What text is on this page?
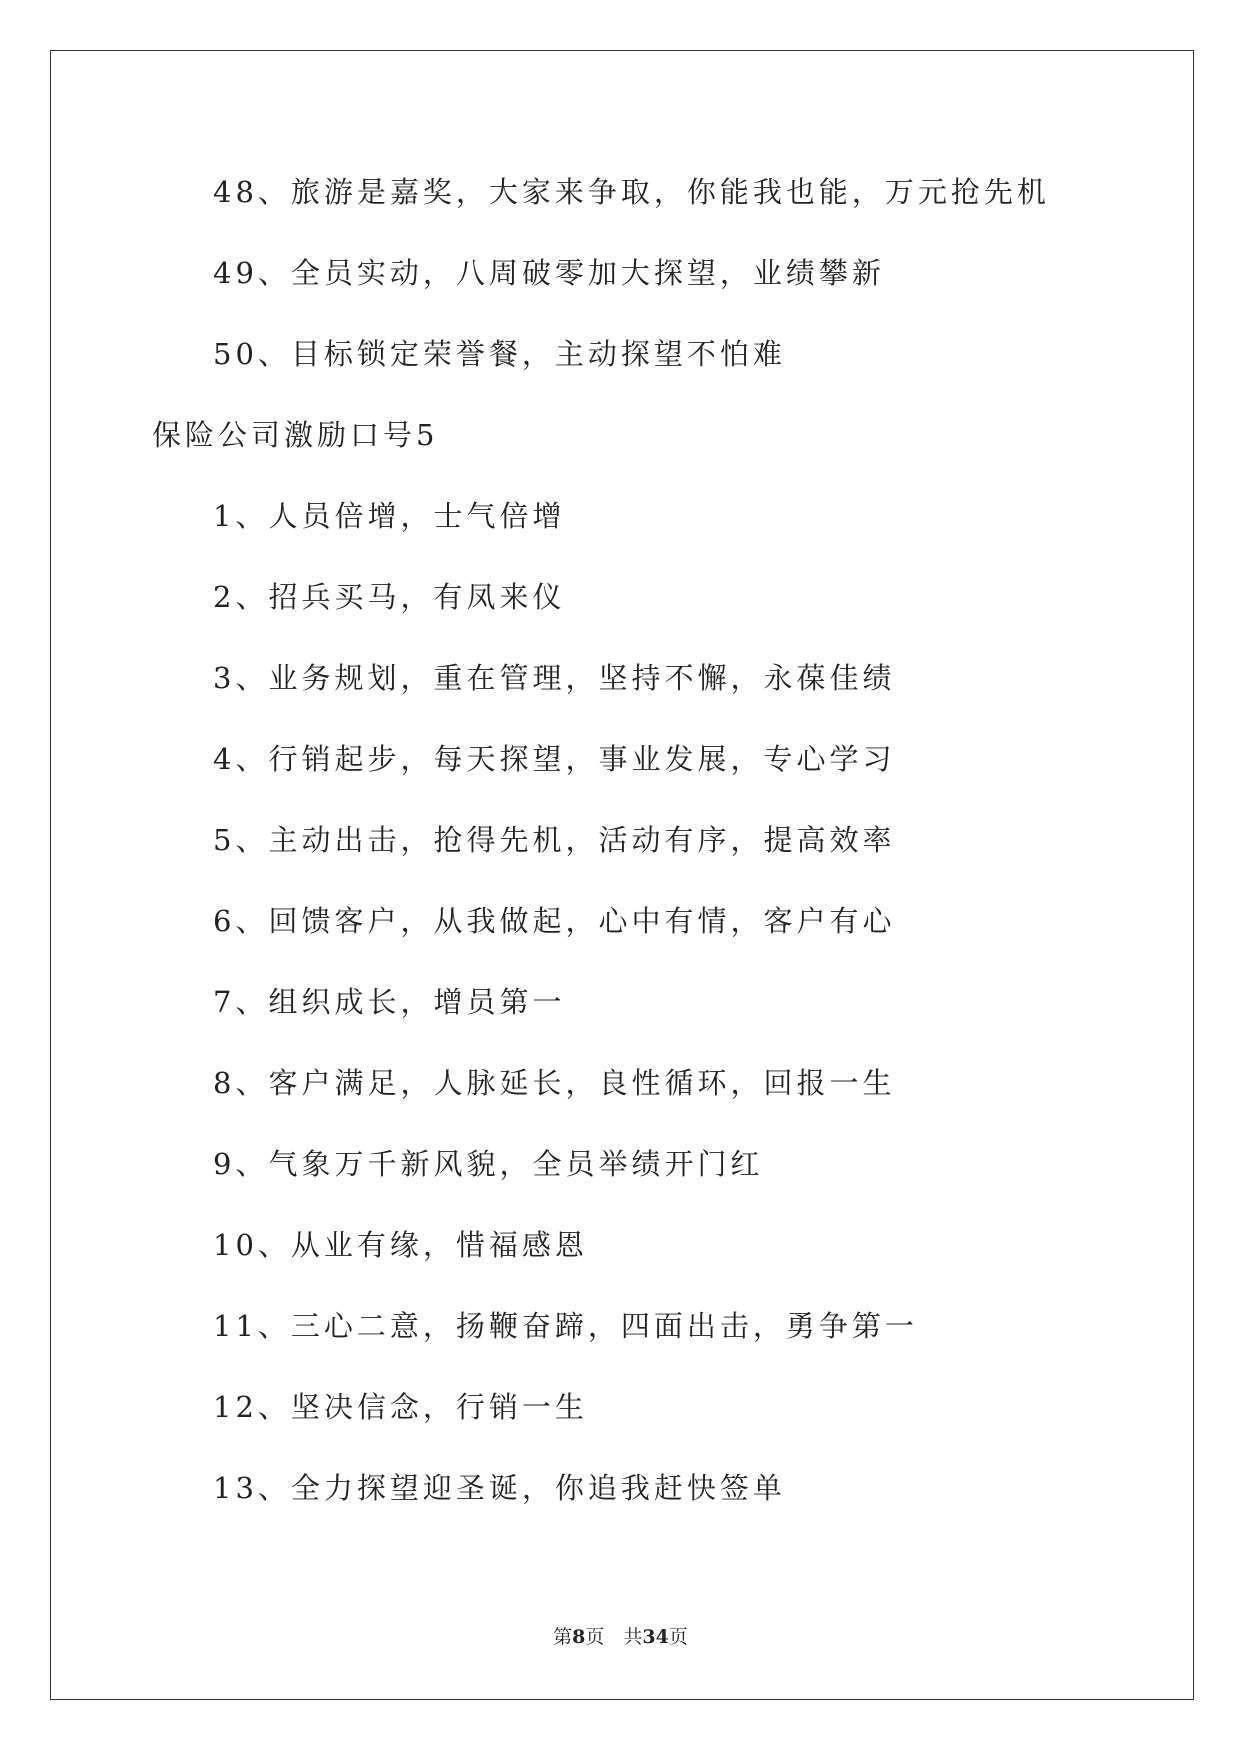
48、旅游是嘉奖，大家来争取，你能我也能，万元抢先机
49、全员实动，八周破零加大探望，业绩攀新
50、目标锁定荣誉餐，主动探望不怕难
保险公司激励口号5
1、人员倍增，士气倍增
2、招兵买马，有凤来仪
3、业务规划，重在管理，坚持不懈，永葆佳绩
4、行销起步，每天探望，事业发展，专心学习
5、主动出击，抢得先机，活动有序，提高效率
6、回馈客户，从我做起，心中有情，客户有心
7、组织成长，增员第一
8、客户满足，人脉延长，良性循环，回报一生
9、气象万千新风貌，全员举绩开门红
10、从业有缘，惜福感恩
11、三心二意，扬鞭奋蹄，四面出击，勇争第一
12、坚决信念，行销一生
13、全力探望迎圣诞，你追我赶快签单
第8页　共34页
